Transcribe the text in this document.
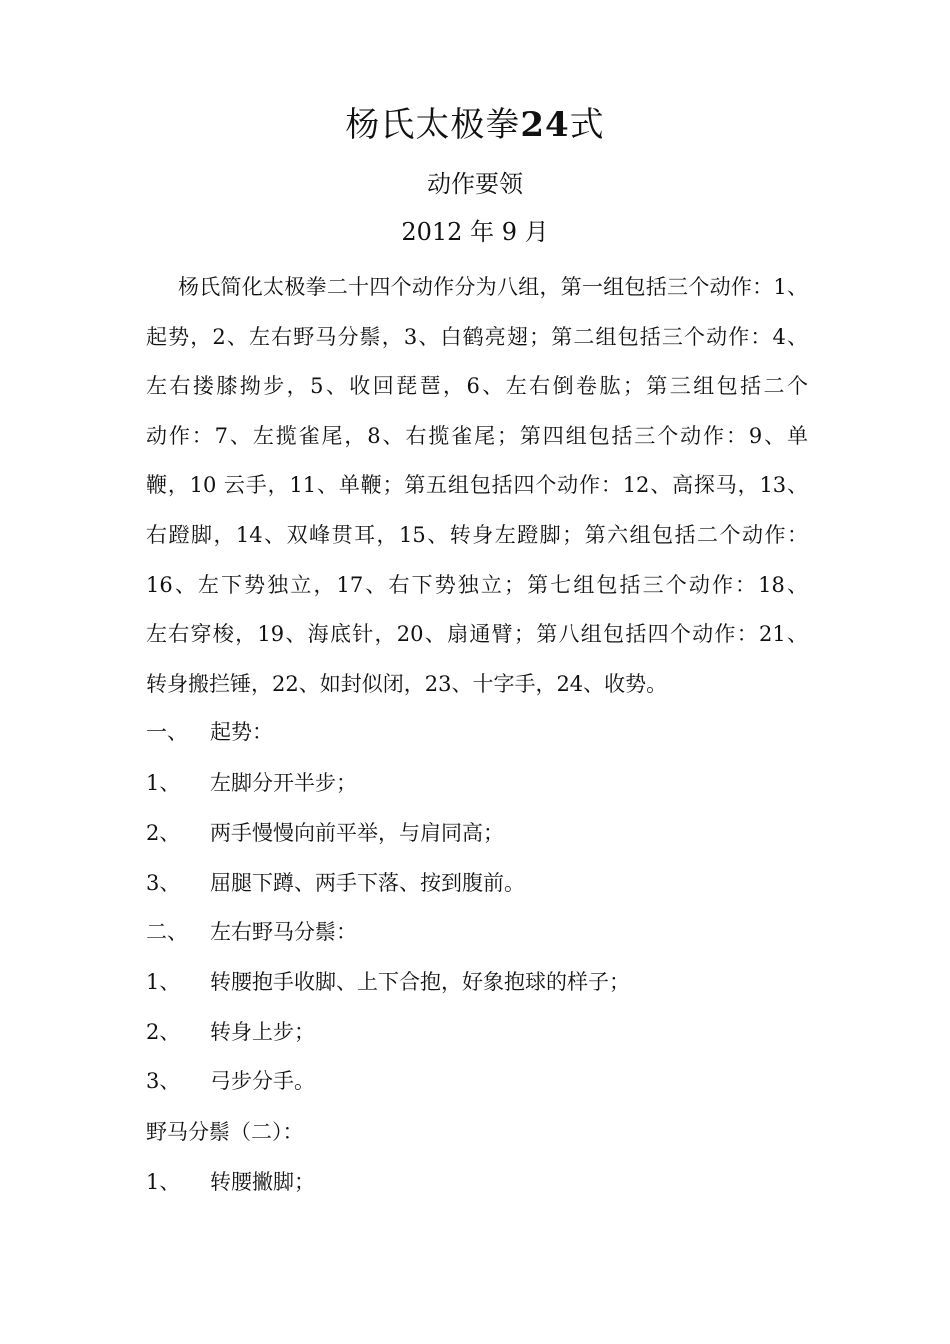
杨氏太极拳24式
动作要领
2012 年 9 月
杨氏简化太极拳二十四个动作分为八组，第一组包括三个动作：1、
起势，2、左右野马分鬃，3、白鹤亮翅；第二组包括三个动作：4、
左右搂膝拗步，5、收回琵琶，6、左右倒卷肱；第三组包括二个
动作：7、左揽雀尾，8、右揽雀尾；第四组包括三个动作：9、单
鞭，10 云手，11、单鞭；第五组包括四个动作：12、高探马，13、
右蹬脚，14、双峰贯耳，15、转身左蹬脚；第六组包括二个动作：
16、左下势独立，17、右下势独立；第七组包括三个动作：18、
左右穿梭，19、海底针，20、扇通臂；第八组包括四个动作：21、
转身搬拦锤，22、如封似闭，23、十字手，24、收势。
一、 起势：
1、 左脚分开半步；
2、 两手慢慢向前平举，与肩同高；
3、 屈腿下蹲、两手下落、按到腹前。
二、 左右野马分鬃：
1、 转腰抱手收脚、上下合抱，好象抱球的样子；
2、 转身上步；
3、 弓步分手。
野马分鬃（二）：
1、 转腰撇脚；
